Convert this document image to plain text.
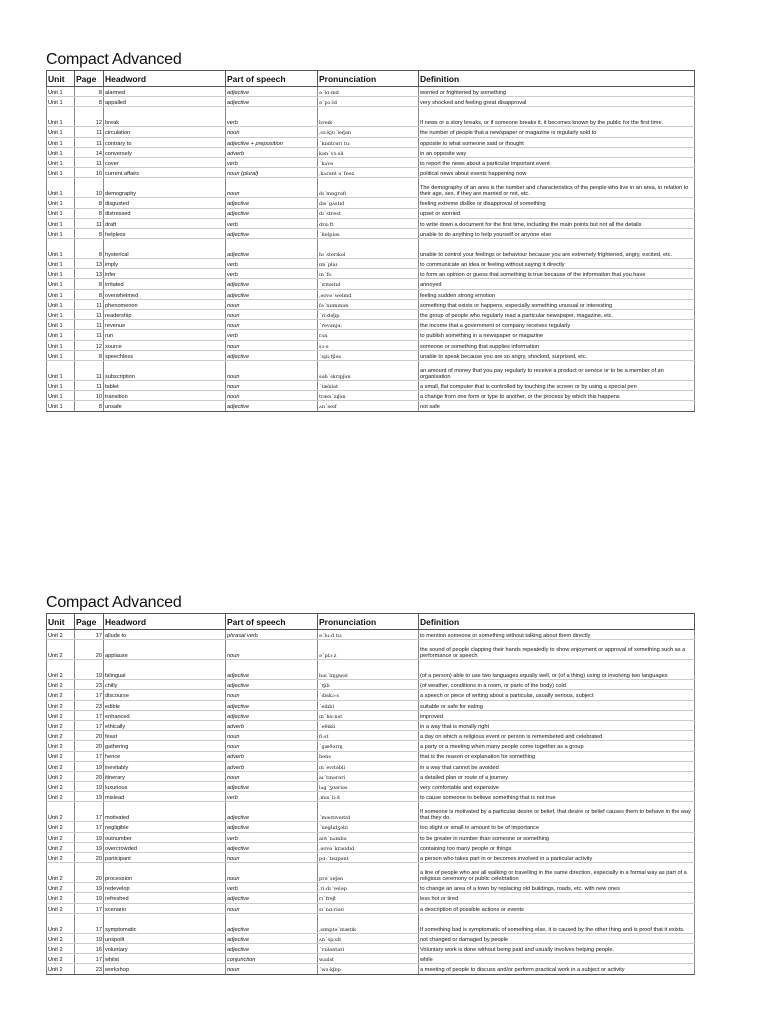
Compact Advanced
Unit	Page	Headword	Part of speech	Pronunciation	Definition
Unit 1	8	alarmed	adjective	ə´lɑːmd	worried or frightened by something
Unit 1	8	appalled	adjective	ə´pɔːld	very shocked and feeling great disapproval
Unit 1	12	break	verb	breɪk	If news or a story breaks, or if someone breaks it, it becomes known by the public for the first time.
Unit 1	11	circulation	noun	ˌsɜːkjʊ´leɪʃən	the number of people that a newspaper or magazine is regularly sold to
Unit 1	11	contrary to	adjective + preposition	´kɒntrəri tuː	opposite to what someone said or thought
Unit 1	14	conversely	adverb	kən´vɜːsli	in an opposite way
Unit 1	11	cover	verb	´kʌvə	to report the news about a particular important event
Unit 1	10	current affairs	noun (plural)	ˌkʌrənt ə´feəz	political news about events happening now
Unit 1	10	demography	noun	dɪ´mɒgrəfi	The demography of an area is the number and characteristics of the people who live in an area, in relation to their age, sex, if they are married or not, etc.
Unit 1	8	disgusted	adjective	dɪs´gʌstɪd	feeling extreme dislike or disapproval of something
Unit 1	8	distressed	adjective	dɪ´strest	upset or worried
Unit 1	11	draft	verb	drɑːft	to write down a document for the first time, including the main points but not all the details
Unit 1	8	helpless	adjective	´helpləs	unable to do anything to help yourself or anyone else
Unit 1	8	hysterical	adjective	hɪ´sterɪkəl	unable to control your feelings or behaviour because you are extremely frightened, angry, excited, etc.
Unit 1	13	imply	verb	ɪm´plaɪ	to communicate an idea or feeling without saying it directly
Unit 1	13	infer	verb	ɪn´fɜː	to form an opinion or guess that something is true because of the information that you have
Unit 1	8	irritated	adjective	´ɪrɪteɪtɪd	annoyed
Unit 1	8	overwhelmed	adjective	ˌəʊvə´welmd	feeling sudden strong emotion
Unit 1	11	phenomenon	noun	fə´nɒmɪnən	something that exists or happens, especially something unusual or interesting
Unit 1	11	readership	noun	´riːdəʃɪp	the group of people who regularly read a particular newspaper, magazine, etc.
Unit 1	11	revenue	noun	´revənjuː	the income that a government or company receives regularly
Unit 1	11	run	verb	rʌn	to publish something in a newspaper or magazine
Unit 1	12	source	noun	sɔːs	someone or something that supplies information
Unit 1	8	speechless	adjective	´spiːtʃləs	unable to speak because you are so angry, shocked, surprised, etc.
Unit 1	11	subscription	noun	səb´skrɪpʃən	an amount of money that you pay regularly to receive a product or service or to be a member of an organisation
Unit 1	11	tablet	noun	´tæblət	a small, flat computer that is controlled by touching the screen or by using a special pen
Unit 1	10	transition	noun	træn´zɪʃən	a change from one form or type to another, or the process by which this happens
Unit 1	8	unsafe	adjective	ʌn´seɪf	not safe
Compact Advanced
Unit	Page	Headword	Part of speech	Pronunciation	Definition
Unit 2	17	allude to	phrasal verb	ə´luːd tuː	to mention someone or something without talking about them directly
Unit 2	20	applause	noun	ə´plɔːz	the sound of people clapping their hands repeatedly to show enjoyment or approval of something such as a performance or speech
Unit 2	19	bilingual	adjective	baɪ´lɪŋgwəl	(of a person) able to use two languages equally well, or (of a thing) using or involving two languages
Unit 2	23	chilly	adjective	´tʃɪli	(of weather, conditions in a room, or parts of the body) cold
Unit 2	17	discourse	noun	´dɪskɔːs	a speech or piece of writing about a particular, usually serious, subject
Unit 2	23	edible	adjective	´edɪbl	suitable or safe for eating
Unit 2	17	enhanced	adjective	ɪn´hɑːnst	improved
Unit 2	17	ethically	adverb	´eθɪkli	in a way that is morally right
Unit 2	20	feast	noun	fiːst	a day on which a religious event or person is remembered and celebrated
Unit 2	20	gathering	noun	´gæðərɪŋ	a party or a meeting when many people come together as a group
Unit 2	17	hence	adverb	hens	that is the reason or explanation for something
Unit 2	19	inevitably	adverb	ɪn´evɪtəbli	in a way that cannot be avoided
Unit 2	20	itinerary	noun	aɪ´tɪnərəri	a detailed plan or route of a journey
Unit 2	19	luxurious	adjective	lʌg´ʒʊəriəs	very comfortable and expensive
Unit 2	19	mislead	verb	ˌmɪs´liːd	to cause someone to believe something that is not true
Unit 2	17	motivated	adjective	´məʊtɪveɪtɪd	If someone is motivated by a particular desire or belief, that desire or belief causes them to behave in the way that they do.
Unit 2	17	negligible	adjective	´neglɪdʒəbl	too slight or small in amount to be of importance
Unit 2	19	outnumber	verb	aʊt´nʌmbə	to be greater in number than someone or something
Unit 2	19	overcrowded	adjective	ˌəʊvə´kraʊdɪd	containing too many people or things
Unit 2	20	participant	noun	pɑː´tɪsɪpənt	a person who takes part in or becomes involved in a particular activity
Unit 2	20	procession	noun	prə´seʃən	a line of people who are all walking or travelling in the same direction, especially in a formal way as part of a religious ceremony or public celebration
Unit 2	19	redevelop	verb	ˌriːdɪ´veləp	to change an area of a town by replacing old buildings, roads, etc. with new ones
Unit 2	19	refreshed	adjective	rɪ´freʃt	less hot or tired
Unit 2	17	scenario	noun	sɪ´nɑːriəʊ	a description of possible actions or events
Unit 2	17	symptomatic	adjective	ˌsɪmptə´mætɪk	If something bad is symptomatic of something else, it is caused by the other thing and is proof that it exists.
Unit 2	19	unspoilt	adjective	ʌn´spɔɪlt	not changed or damaged by people
Unit 2	16	voluntary	adjective	´vɒləntəri	Voluntary work is done without being paid and usually involves helping people.
Unit 2	17	whilst	conjunction	waɪlst	while
Unit 2	23	workshop	noun	´wɜːkʃɒp	a meeting of people to discuss and/or perform practical work in a subject or activity
